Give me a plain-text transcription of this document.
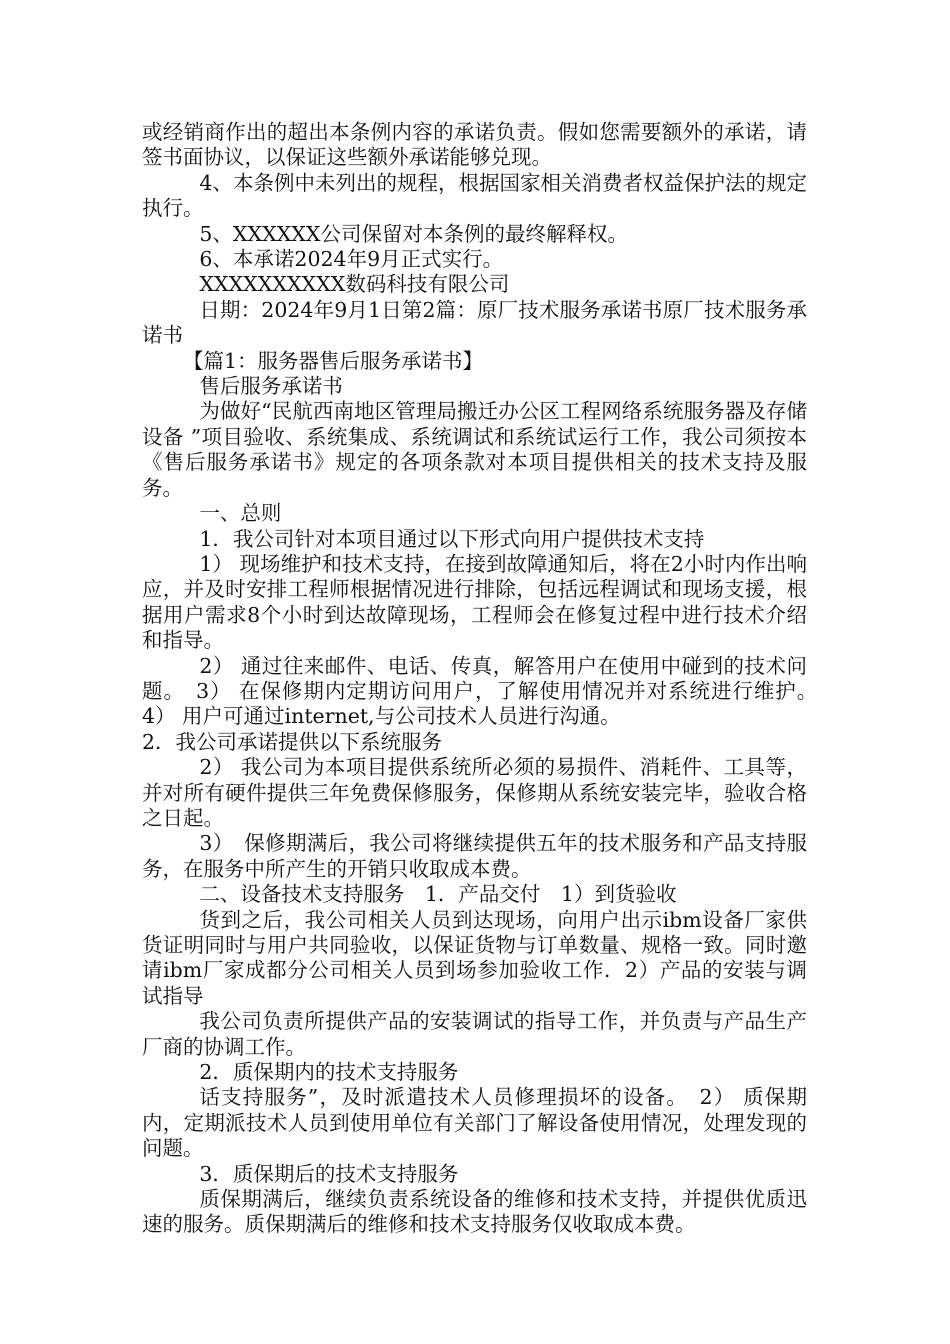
或经销商作出的超出本条例内容的承诺负责。假如您需要额外的承诺，请签书面协议，以保证这些额外承诺能够兑现。

4、本条例中未列出的规程，根据国家相关消费者权益保护法的规定执行。

5、XXXXXX公司保留对本条例的最终解释权。

6、本承诺2024年9月正式实行。

XXXXXXXXXX数码科技有限公司

日期：2024年9月1日第2篇：原厂技术服务承诺书原厂技术服务承诺书

【篇1：服务器售后服务承诺书】

售后服务承诺书

为做好“民航西南地区管理局搬迁办公区工程网络系统服务器及存储设备 ”项目验收、系统集成、系统调试和系统试运行工作，我公司须按本《售后服务承诺书》规定的各项条款对本项目提供相关的技术支持及服务。

一、总则

1．我公司针对本项目通过以下形式向用户提供技术支持

1） 现场维护和技术支持，在接到故障通知后，将在2小时内作出响应，并及时安排工程师根据情况进行排除，包括远程调试和现场支援，根据用户需求8个小时到达故障现场，工程师会在修复过程中进行技术介绍和指导。

2） 通过往来邮件、电话、传真，解答用户在使用中碰到的技术问题。　3） 在保修期内定期访问用户，了解使用情况并对系统进行维护。　4） 用户可通过internet,与公司技术人员进行沟通。

2．我公司承诺提供以下系统服务

2） 我公司为本项目提供系统所必须的易损件、消耗件、工具等，并对所有硬件提供三年免费保修服务，保修期从系统安装完毕，验收合格之日起。

3）　保修期满后，我公司将继续提供五年的技术服务和产品支持服务，在服务中所产生的开销只收取成本费。

二、设备技术支持服务　1．产品交付　1）到货验收

货到之后，我公司相关人员到达现场，向用户出示ibm设备厂家供货证明同时与用户共同验收，以保证货物与订单数量、规格一致。同时邀请ibm厂家成都分公司相关人员到场参加验收工作．2）产品的安装与调试指导

我公司负责所提供产品的安装调试的指导工作，并负责与产品生产厂商的协调工作。

2．质保期内的技术支持服务

话支持服务”，及时派遣技术人员修理损坏的设备。　2） 质保期内，定期派技术人员到使用单位有关部门了解设备使用情况，处理发现的问题。

3．质保期后的技术支持服务

质保期满后，继续负责系统设备的维修和技术支持，并提供优质迅速的服务。质保期满后的维修和技术支持服务仅收取成本费。
